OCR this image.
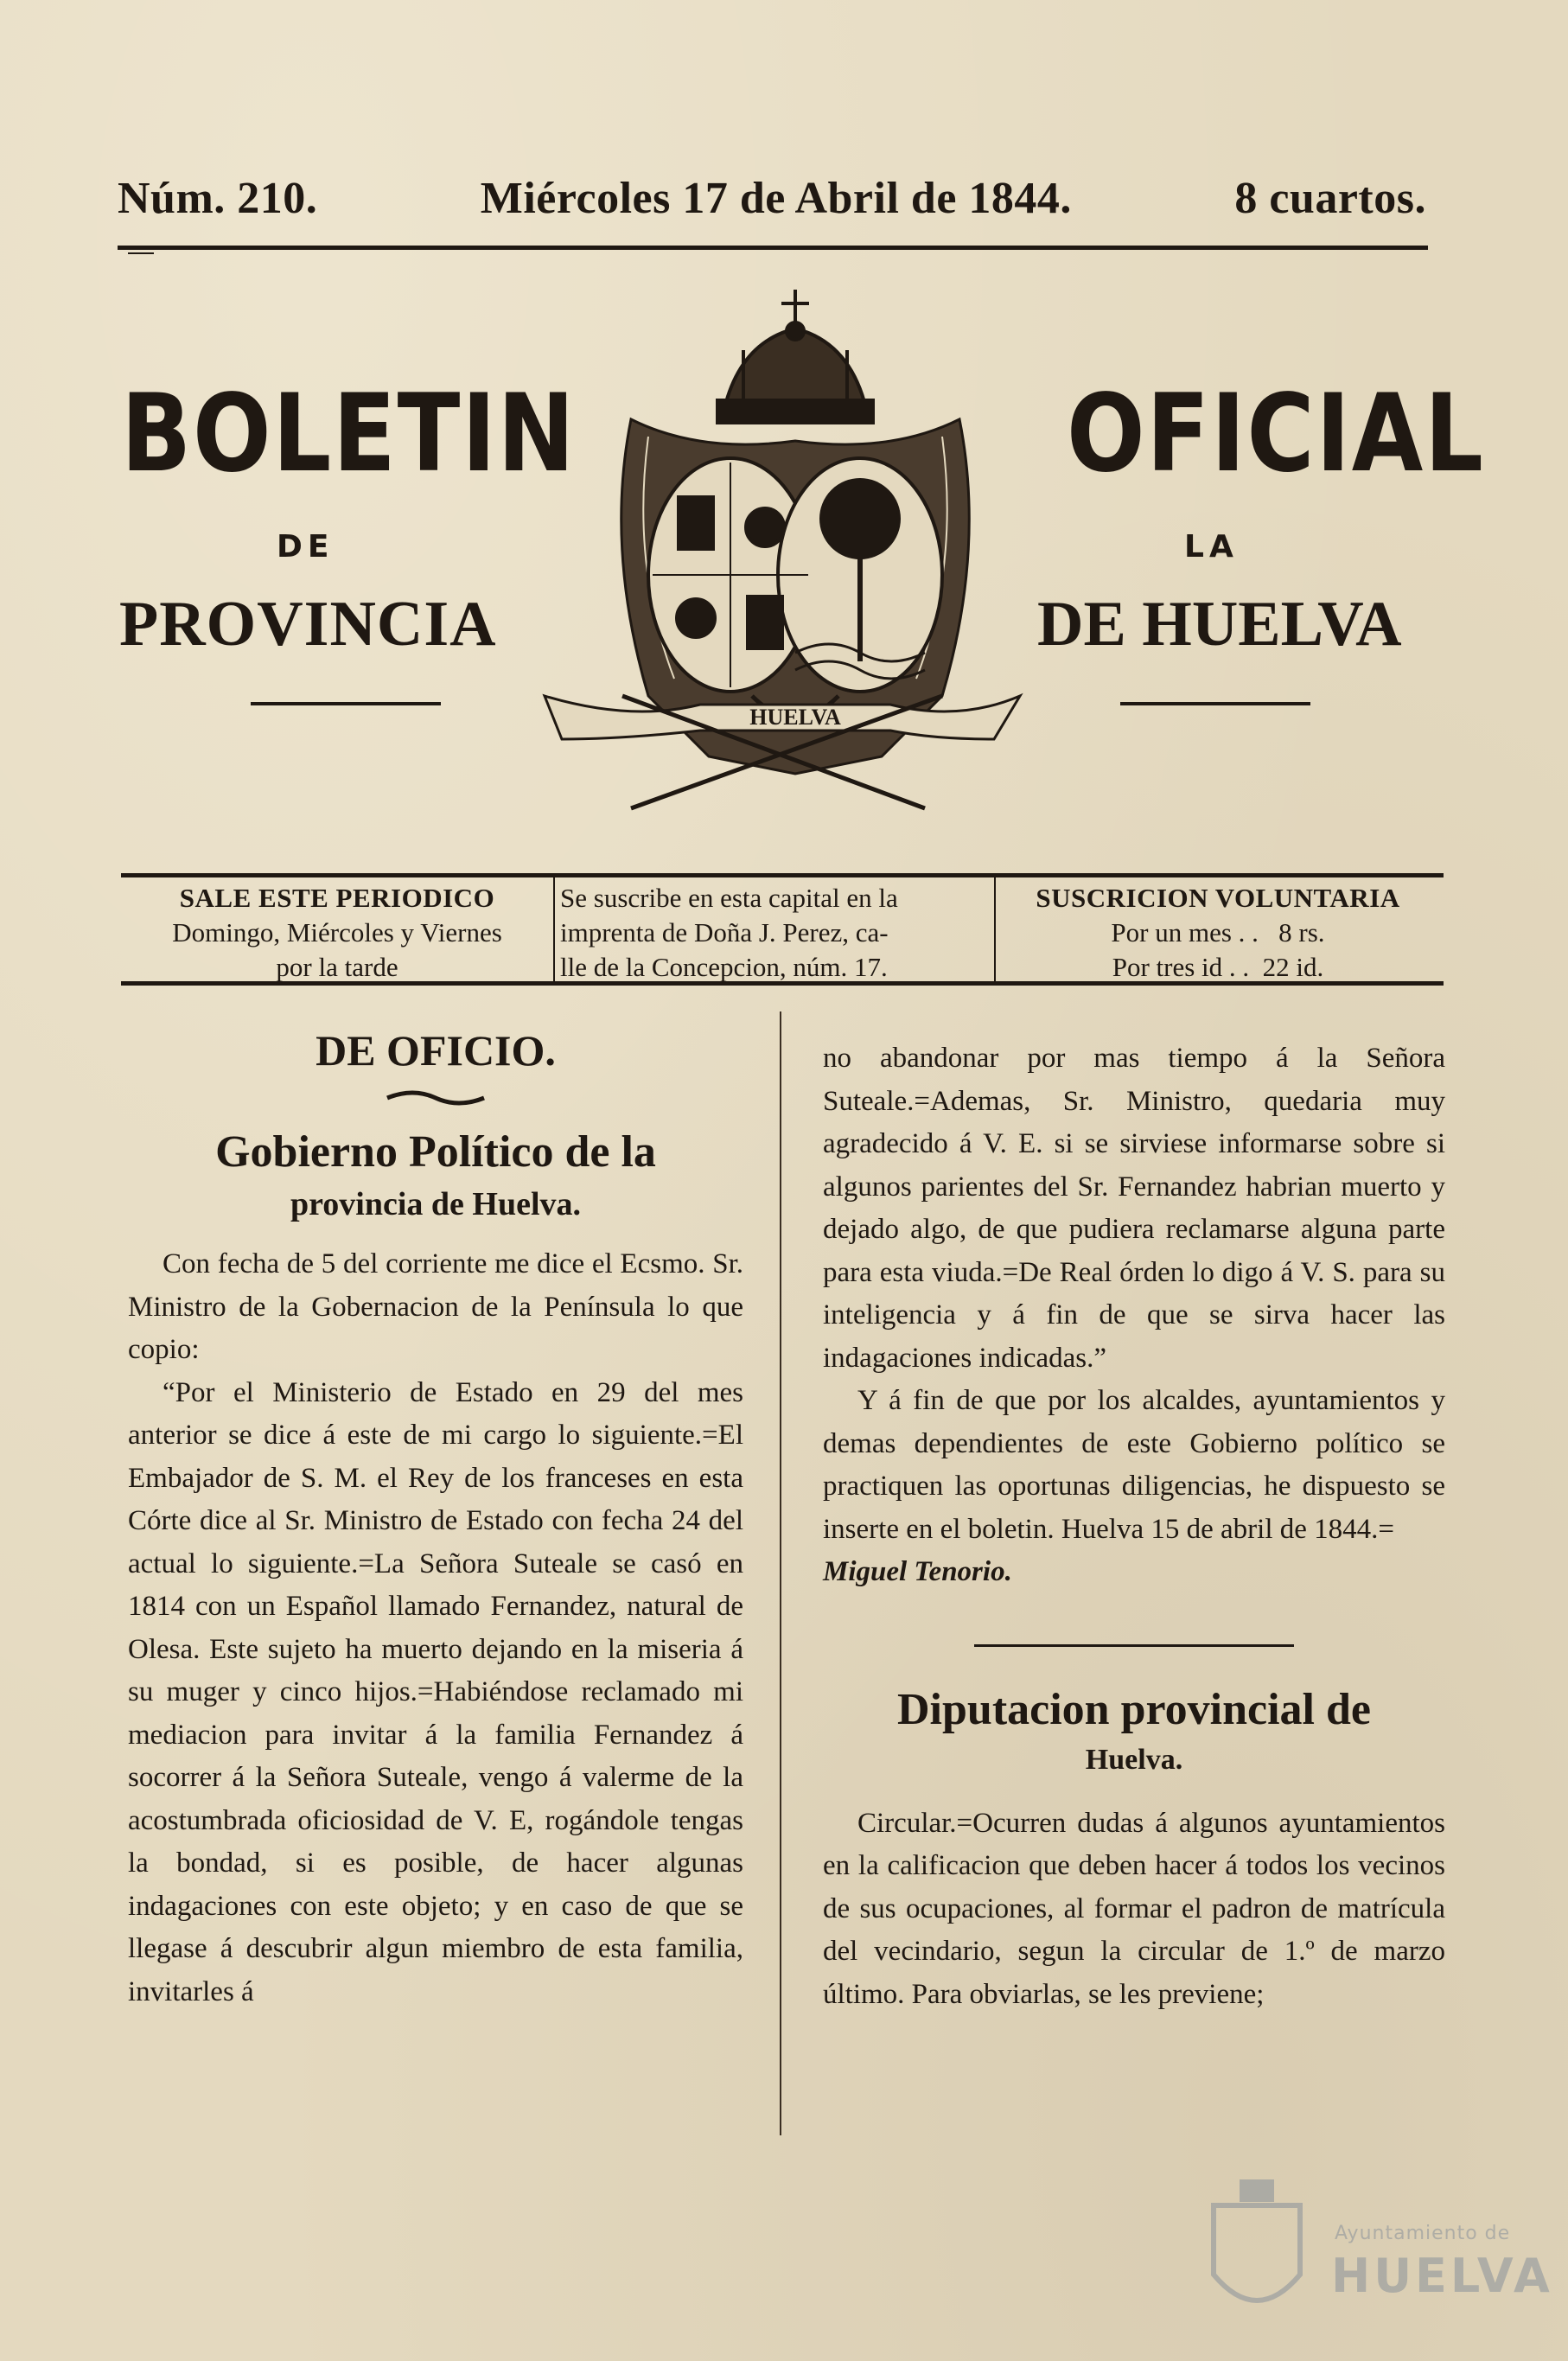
Núm. 210.	Miércoles 17 de Abril de 1844.	8 cuartos.
BOLETIN
DE
PROVINCIA
OFICIAL
LA
DE HUELVA
HUELVA
SALE ESTE PERIODICO
Domingo, Miércoles y Viernes
por la tarde
Se suscribe en esta capital en la
imprenta de Doña J. Perez, ca-
lle de la Concepcion, núm. 17.
SUSCRICION VOLUNTARIA
Por un mes . .   8 rs.
Por tres id . .  22 id.
DE OFICIO.
Gobierno Político de la
provincia de Huelva.

Con fecha de 5 del corriente me dice el Ecsmo. Sr. Ministro de la Gobernacion de la Península lo que copio:

“Por el Ministerio de Estado en 29 del mes anterior se dice á este de mi cargo lo siguiente.=El Embajador de S. M. el Rey de los franceses en esta Córte dice al Sr. Ministro de Estado con fecha 24 del actual lo siguiente.=La Señora Suteale se casó en 1814 con un Español llamado Fernandez, natural de Olesa. Este sujeto ha muerto dejando en la miseria á su muger y cinco hijos.=Habiéndose reclamado mi mediacion para invitar á la familia Fernandez á socorrer á la Señora Suteale, vengo á valerme de la acostumbrada oficiosidad de V. E, rogándole tengas la bondad, si es posible, de hacer algunas indagaciones con este objeto; y en caso de que se llegase á descubrir algun miembro de esta familia, invitarles á

no abandonar por mas tiempo á la Señora Suteale.=Ademas, Sr. Ministro, quedaria muy agradecido á V. E. si se sirviese informarse sobre si algunos parientes del Sr. Fernandez habrian muerto y dejado algo, de que pudiera reclamarse alguna parte para esta viuda.=De Real órden lo digo á V. S. para su inteligencia y á fin de que se sirva hacer las indagaciones indicadas.”

Y á fin de que por los alcaldes, ayuntamientos y demas dependientes de este Gobierno político se practiquen las oportunas diligencias, he dispuesto se inserte en el boletin. Huelva 15 de abril de 1844.=

Miguel Tenorio.

Diputacion provincial de
Huelva.

Circular.=Ocurren dudas á algunos ayuntamientos en la calificacion que deben hacer á todos los vecinos de sus ocupaciones, al formar el padron de matrícula del vecindario, segun la circular de 1.º de marzo último. Para obviarlas, se les previene;

Ayuntamiento de
HUELVA
